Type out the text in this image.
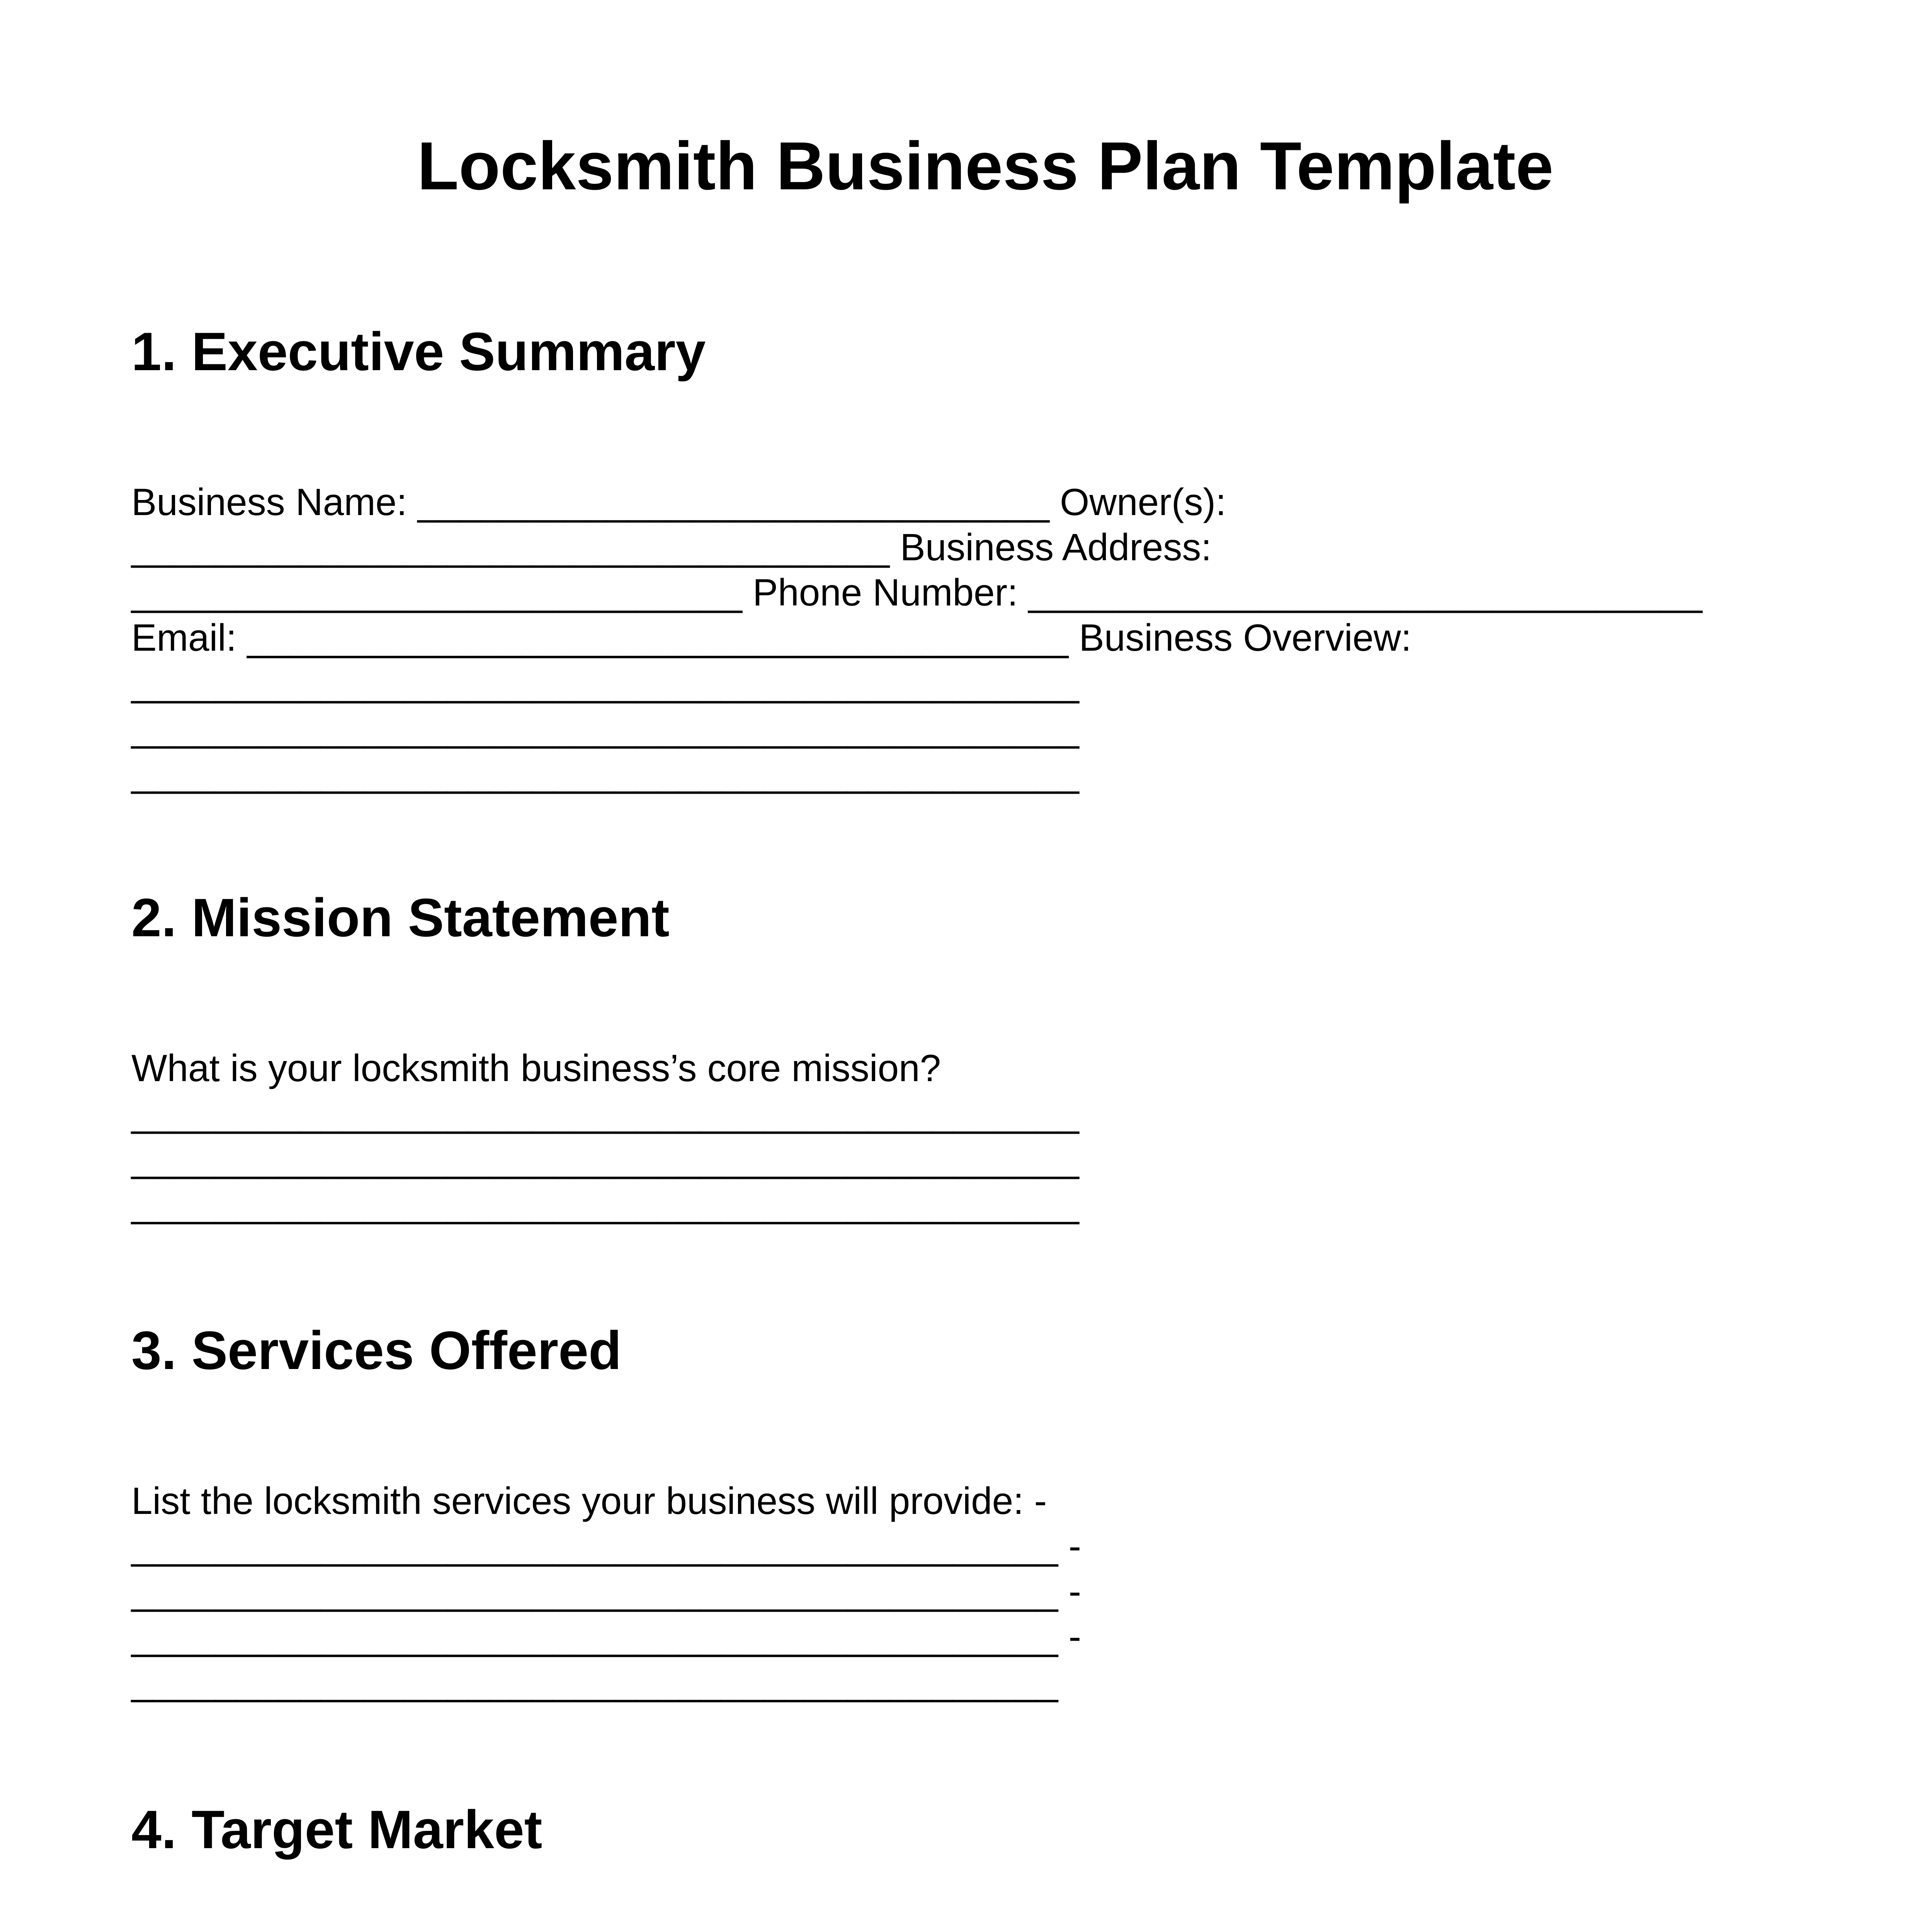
Locksmith Business Plan Template
1. Executive Summary
Business Name: ______________________________ Owner(s):
____________________________________ Business Address:
_____________________________ Phone Number: ________________________________
Email: _______________________________________ Business Overview:
_____________________________________________
_____________________________________________
_____________________________________________
2. Mission Statement
What is your locksmith business’s core mission?
_____________________________________________
_____________________________________________
_____________________________________________
3. Services Offered
List the locksmith services your business will provide: -
____________________________________________ -
____________________________________________ -
____________________________________________ -
____________________________________________
4. Target Market
